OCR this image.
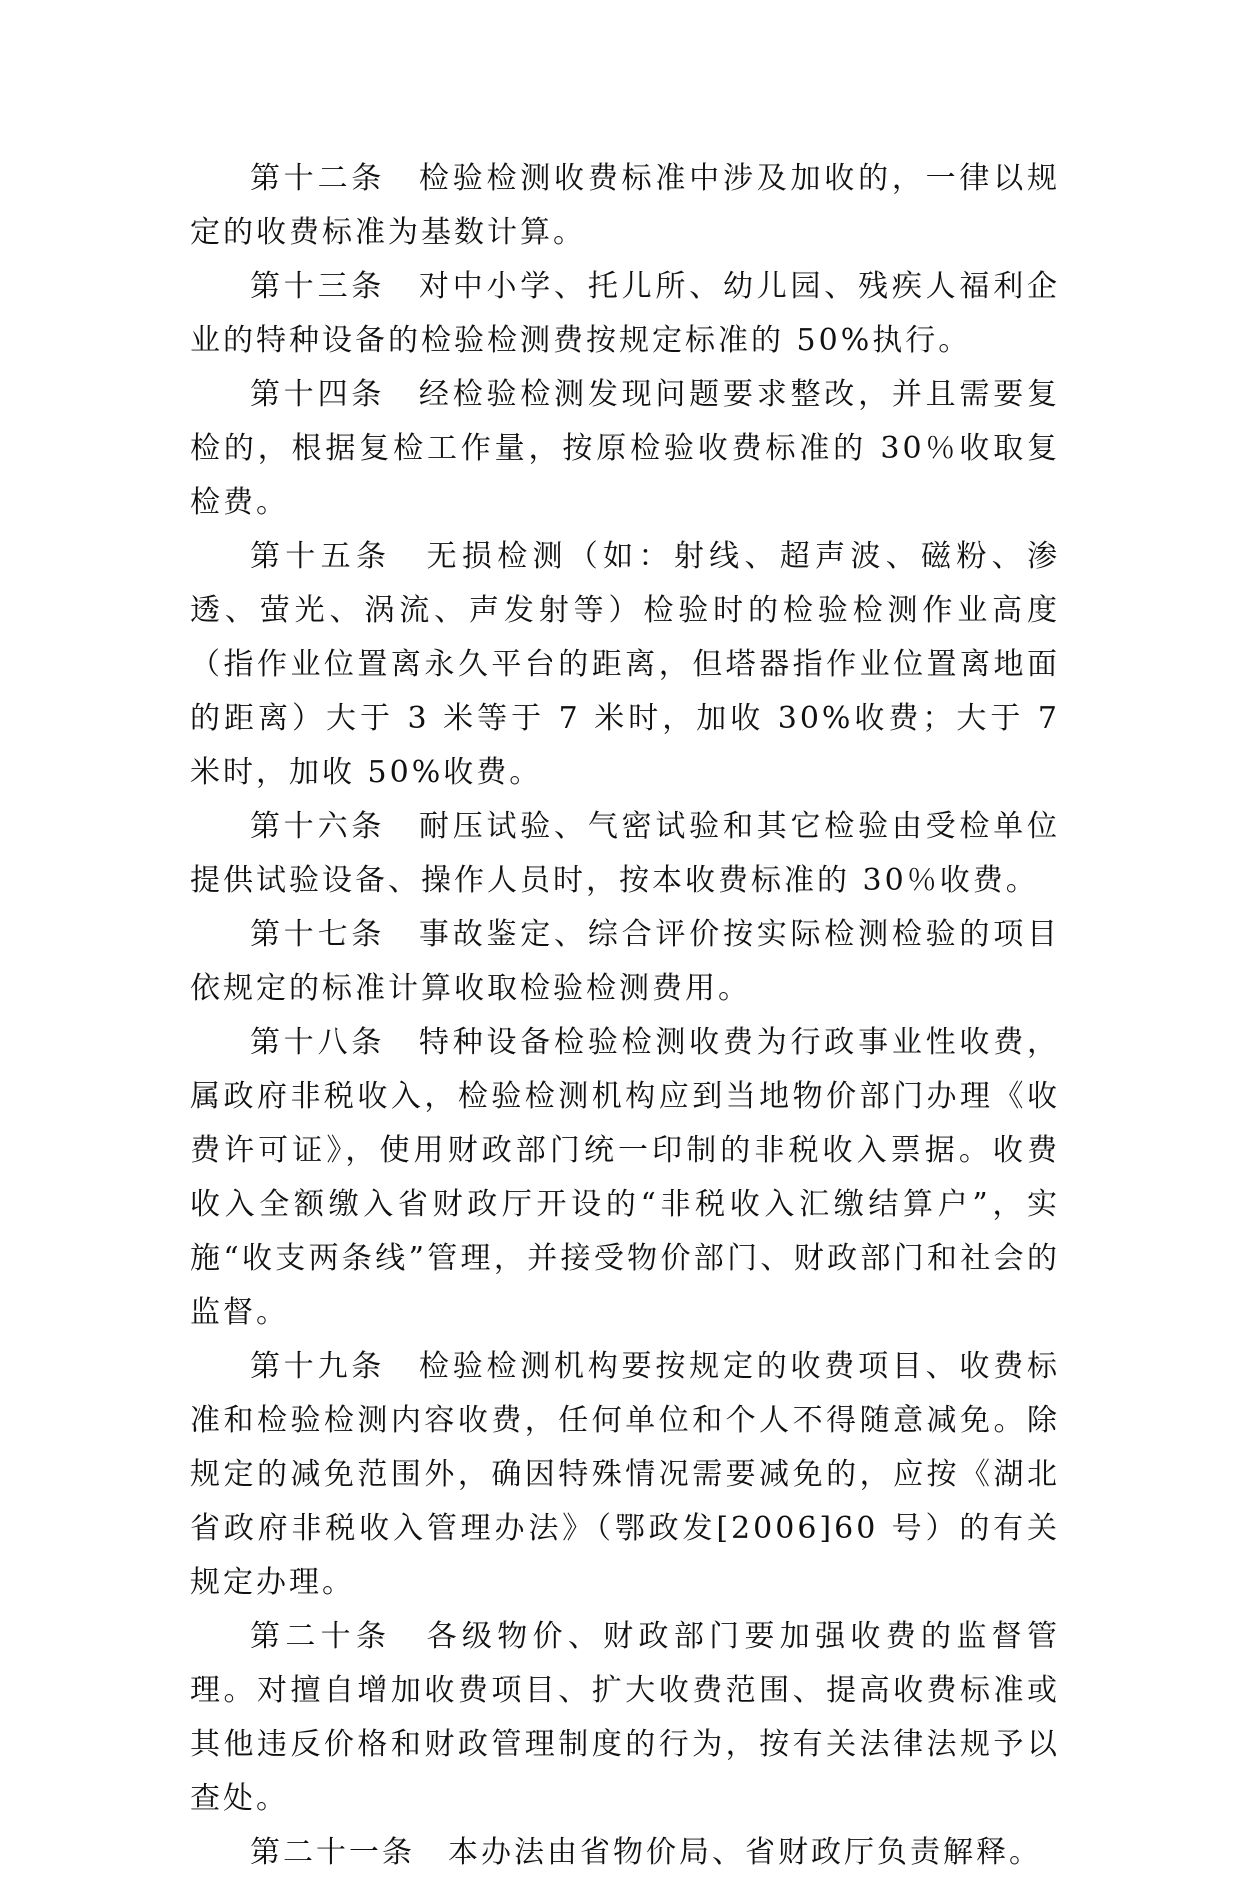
第十二条　检验检测收费标准中涉及加收的，一律以规定的收费标准为基数计算。

第十三条　对中小学、托儿所、幼儿园、残疾人福利企业的特种设备的检验检测费按规定标准的 50%执行。

第十四条　经检验检测发现问题要求整改，并且需要复检的，根据复检工作量，按原检验收费标准的 30％收取复检费。

第十五条　无损检测（如：射线、超声波、磁粉、渗透、萤光、涡流、声发射等）检验时的检验检测作业高度（指作业位置离永久平台的距离，但塔器指作业位置离地面的距离）大于 3 米等于 7 米时，加收 30%收费；大于 7 米时，加收 50%收费。

第十六条　耐压试验、气密试验和其它检验由受检单位提供试验设备、操作人员时，按本收费标准的 30％收费。

第十七条　事故鉴定、综合评价按实际检测检验的项目依规定的标准计算收取检验检测费用。

第十八条　特种设备检验检测收费为行政事业性收费，属政府非税收入，检验检测机构应到当地物价部门办理《收费许可证》，使用财政部门统一印制的非税收入票据。收费收入全额缴入省财政厅开设的“非税收入汇缴结算户”，实施“收支两条线”管理，并接受物价部门、财政部门和社会的监督。

第十九条　检验检测机构要按规定的收费项目、收费标准和检验检测内容收费，任何单位和个人不得随意减免。除规定的减免范围外，确因特殊情况需要减免的，应按《湖北省政府非税收入管理办法》（鄂政发[2006]60 号）的有关规定办理。

第二十条　各级物价、财政部门要加强收费的监督管理。对擅自增加收费项目、扩大收费范围、提高收费标准或其他违反价格和财政管理制度的行为，按有关法律法规予以查处。

第二十一条　本办法由省物价局、省财政厅负责解释。
